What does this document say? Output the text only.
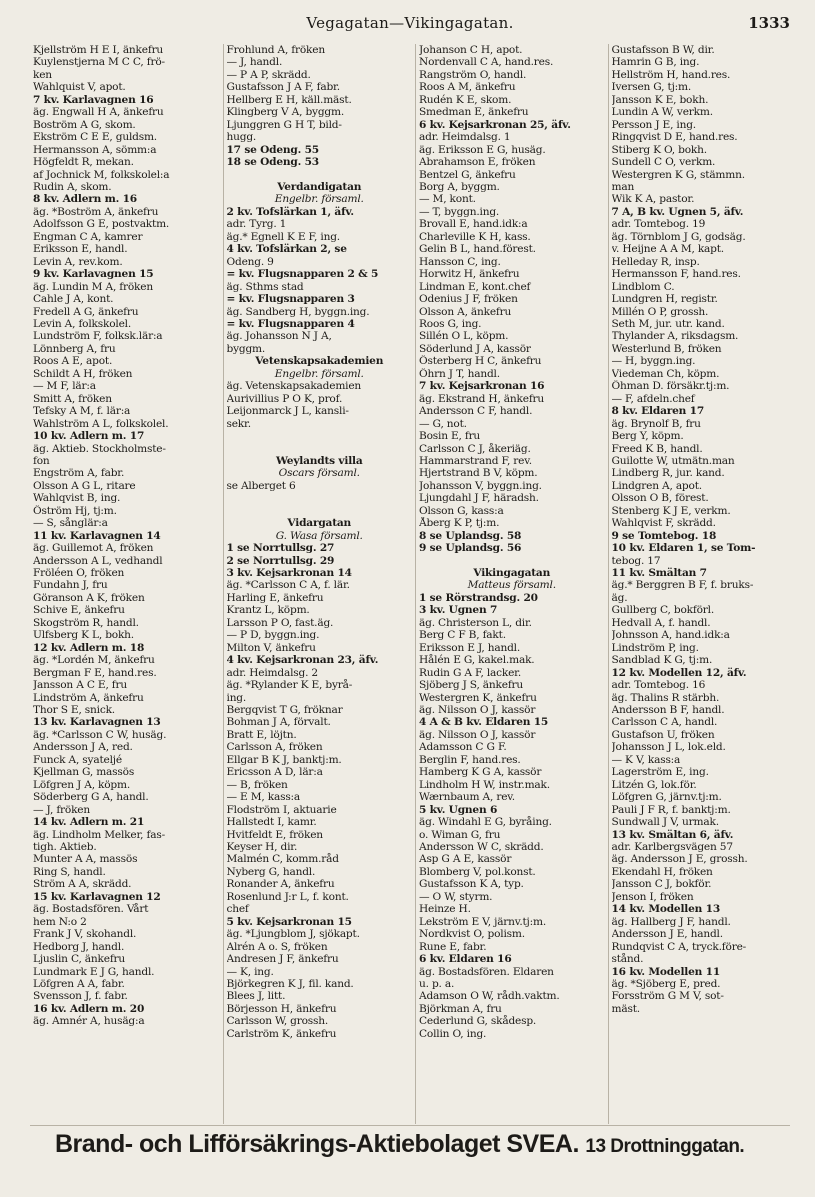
Vegagatan—Vikingagatan.	1333
Kjellström H E I, änkefru
Kuylenstjerna M C C, frö-
ken
Wahlquist V, apot.
7 kv. Karlavagnen 16
äg. Engwall H A, änkefru
Boström A G, skom.
Ekström C E E, guldsm.
Hermansson A, sömm:a
Högfeldt R, mekan.
af Jochnick M, folkskolel:a
Rudin A, skom.
8 kv. Adlern m. 16
äg. *Boström A, änkefru
Adolfsson G E, postvaktm.
Engman C A, kamrer
Eriksson E, handl.
Levin A, rev.kom.
9 kv. Karlavagnen 15
äg. Lundin M A, fröken
Cahle J A, kont.
Fredell A G, änkefru
Levin A, folkskolel.
Lundström F, folksk.lär:a
Lönnberg A, fru
Roos A E, apot.
Schildt A H, fröken
— M F, lär:a
Smitt A, fröken
Tefsky A M, f. lär:a
Wahlström A L, folkskolel.
10 kv. Adlern m. 17
äg. Aktieb. Stockholmste-
fon
Engström A, fabr.
Olsson A G L, ritare
Wahlqvist B, ing.
Öström Hj, tj:m.
— S, sånglär:a
11 kv. Karlavagnen 14
äg. Guillemot A, fröken
Andersson A L, vedhandl
Fröléen O, fröken
Fundahn J, fru
Göranson A K, fröken
Schive E, änkefru
Skogström R, handl.
Ulfsberg K L, bokh.
12 kv. Adlern m. 18
äg. *Lordén M, änkefru
Bergman F E, hand.res.
Jansson A C E, fru
Lindström A, änkefru
Thor S E, snick.
13 kv. Karlavagnen 13
äg. *Carlsson C W, husäg.
Andersson J A, red.
Funck A, syateljé
Kjellman G, massös
Löfgren J A, köpm.
Söderberg G A, handl.
— J, fröken
14 kv. Adlern m. 21
äg. Lindholm Melker, fas-
tigh. Aktieb.
Munter A A, massös
Ring S, handl.
Ström A A, skrädd.
15 kv. Karlavagnen 12
äg. Bostadsfören. Vårt
hem N:o 2
Frank J V, skohandl.
Hedborg J, handl.
Ljuslin C, änkefru
Lundmark E J G, handl.
Löfgren A A, fabr.
Svensson J, f. fabr.
16 kv. Adlern m. 20
äg. Amnér A, husäg:a
Frohlund A, fröken
— J, handl.
— P A P, skrädd.
Gustafsson J A F, fabr.
Hellberg E H, käll.mäst.
Klingberg V A, byggm.
Ljunggren G H T, bild-
hugg.
17 se Odeng. 55
18 se Odeng. 53

Verdandigatan
Engelbr. församl.
2 kv. Tofslärkan 1, äfv.
adr. Tyrg. 1
äg.* Egnell K E F, ing.
4 kv. Tofslärkan 2, se
Odeng. 9
= kv. Flugsnapparen 2 & 5
äg. Sthms stad
= kv. Flugsnapparen 3
äg. Sandberg H, byggn.ing.
= kv. Flugsnapparen 4
äg. Johansson N J A,
byggm.
Vetenskapsakademien
Engelbr. församl.
äg. Vetenskapsakademien
Aurivillius P O K, prof.
Leijonmarck J L, kansli-
sekr.

Weylandts villa
Oscars församl.
se Alberget 6

Vidargatan
G. Wasa församl.
1 se Norrtullsg. 27
2 se Norrtullsg. 29
3 kv. Kejsarkronan 14
äg. *Carlsson C A, f. lär.
Harling E, änkefru
Krantz L, köpm.
Larsson P O, fast.äg.
— P D, byggn.ing.
Milton V, änkefru
4 kv. Kejsarkronan 23, äfv.
adr. Heimdalsg. 2
äg. *Rylander K E, byrå-
ing.
Bergqvist T G, fröknar
Bohman J A, förvalt.
Bratt E, löjtn.
Carlsson A, fröken
Ellgar B K J, banktj:m.
Ericsson A D, lär:a
— B, fröken
— E M, kass:a
Flodström I, aktuarie
Hallstedt I, kamr.
Hvitfeldt E, fröken
Keyser H, dir.
Malmén C, komm.råd
Nyberg G, handl.
Ronander A, änkefru
Rosenlund J:r L, f. kont.
chef
5 kv. Kejsarkronan 15
äg. *Ljungblom J, sjökapt.
Alrén A o. S, fröken
Andresen J F, änkefru
— K, ing.
Björkegren K J, fil. kand.
Blees J, litt.
Börjesson H, änkefru
Carlsson W, grossh.
Carlström K, änkefru
Johanson C H, apot.
Nordenvall C A, hand.res.
Rangström O, handl.
Roos A M, änkefru
Rudén K E, skom.
Smedman E, änkefru
6 kv. Kejsarkronan 25, äfv.
adr. Heimdalsg. 1
äg. Eriksson E G, husäg.
Abrahamson E, fröken
Bentzel G, änkefru
Borg A, byggm.
— M, kont.
— T, byggn.ing.
Brovall E, hand.idk:a
Charleville K H, kass.
Gelin B L, hand.förest.
Hansson C, ing.
Horwitz H, änkefru
Lindman E, kont.chef
Odenius J F, fröken
Olsson A, änkefru
Roos G, ing.
Sillén O L, köpm.
Söderlund J A, kassör
Österberg H C, änkefru
Öhrn J T, handl.
7 kv. Kejsarkronan 16
äg. Ekstrand H, änkefru
Andersson C F, handl.
— G, not.
Bosin E, fru
Carlsson C J, åkeriäg.
Hammarstrand F, rev.
Hjertstrand B V, köpm.
Johansson V, byggn.ing.
Ljungdahl J F, häradsh.
Olsson G, kass:a
Åberg K P, tj:m.
8 se Uplandsg. 58
9 se Uplandsg. 56

Vikingagatan
Matteus församl.
1 se Rörstrandsg. 20
3 kv. Ugnen 7
äg. Christerson L, dir.
Berg C F B, fakt.
Eriksson E J, handl.
Hålén E G, kakel.mak.
Rudin G A F, lacker.
Sjöberg J S, änkefru
Westergren K, änkefru
äg. Nilsson O J, kassör
4 A & B kv. Eldaren 15
äg. Nilsson O J, kassör
Adamsson C G F.
Berglin F, hand.res.
Hamberg K G A, kassör
Lindholm H W, instr.mak.
Wærnbaum A, rev.
5 kv. Ugnen 6
äg. Windahl E G, byråing.
o. Wiman G, fru
Andersson W C, skrädd.
Asp G A E, kassör
Blomberg V, pol.konst.
Gustafsson K A, typ.
— O W, styrm.
Heinze H.
Lekström E V, järnv.tj:m.
Nordkvist O, polism.
Rune E, fabr.
6 kv. Eldaren 16
äg. Bostadsfören. Eldaren
u. p. a.
Adamson O W, rådh.vaktm.
Björkman A, fru
Cederlund G, skådesp.
Collin O, ing.
Gustafsson B W, dir.
Hamrin G B, ing.
Hellström H, hand.res.
Iversen G, tj:m.
Jansson K E, bokh.
Lundin A W, verkm.
Persson J E, ing.
Ringqvist D E, hand.res.
Stiberg K O, bokh.
Sundell C O, verkm.
Westergren K G, stämmn.
man
Wik K A, pastor.
7 A, B kv. Ugnen 5, äfv.
adr. Tomtebog. 19
äg. Törnblom J G, godsäg.
v. Heijne A A M, kapt.
Helleday R, insp.
Hermansson F, hand.res.
Lindblom C.
Lundgren H, registr.
Millén O P, grossh.
Seth M, jur. utr. kand.
Thylander A, riksdagsm.
Westerlund B, fröken
— H, byggn.ing.
Viedeman Ch, köpm.
Öhman D. försäkr.tj:m.
— F, afdeln.chef
8 kv. Eldaren 17
äg. Brynolf B, fru
Berg Y, köpm.
Freed K B, handl.
Guilotte W, utmätn.man
Lindberg R, jur. kand.
Lindgren A, apot.
Olsson O B, förest.
Stenberg K J E, verkm.
Wahlqvist F, skrädd.
9 se Tomtebog. 18
10 kv. Eldaren 1, se Tom-
tebog. 17
11 kv. Smältan 7
äg.* Berggren B F, f. bruks-
äg.
Gullberg C, bokförl.
Hedvall A, f. handl.
Johnsson A, hand.idk:a
Lindström P, ing.
Sandblad K G, tj:m.
12 kv. Modellen 12, äfv.
adr. Tomtebog. 16
äg. Thalins R stärbh.
Andersson B F, handl.
Carlsson C A, handl.
Gustafson U, fröken
Johansson J L, lok.eld.
— K V, kass:a
Lagerström E, ing.
Litzén G, lok.för.
Löfgren G, järnv.tj:m.
Pauli J F R, f. banktj:m.
Sundwall J V, urmak.
13 kv. Smältan 6, äfv.
adr. Karlbergsvägen 57
äg. Andersson J E, grossh.
Ekendahl H, fröken
Jansson C J, bokför.
Jenson I, fröken
14 kv. Modellen 13
äg. Hallberg J F, handl.
Andersson J E, handl.
Rundqvist C A, tryck.före-
stånd.
16 kv. Modellen 11
äg. *Sjöberg E, pred.
Forsström G M V, sot-
mäst.
Brand- och Lifförsäkrings-Aktiebolaget SVEA. 13 Drottninggatan.
